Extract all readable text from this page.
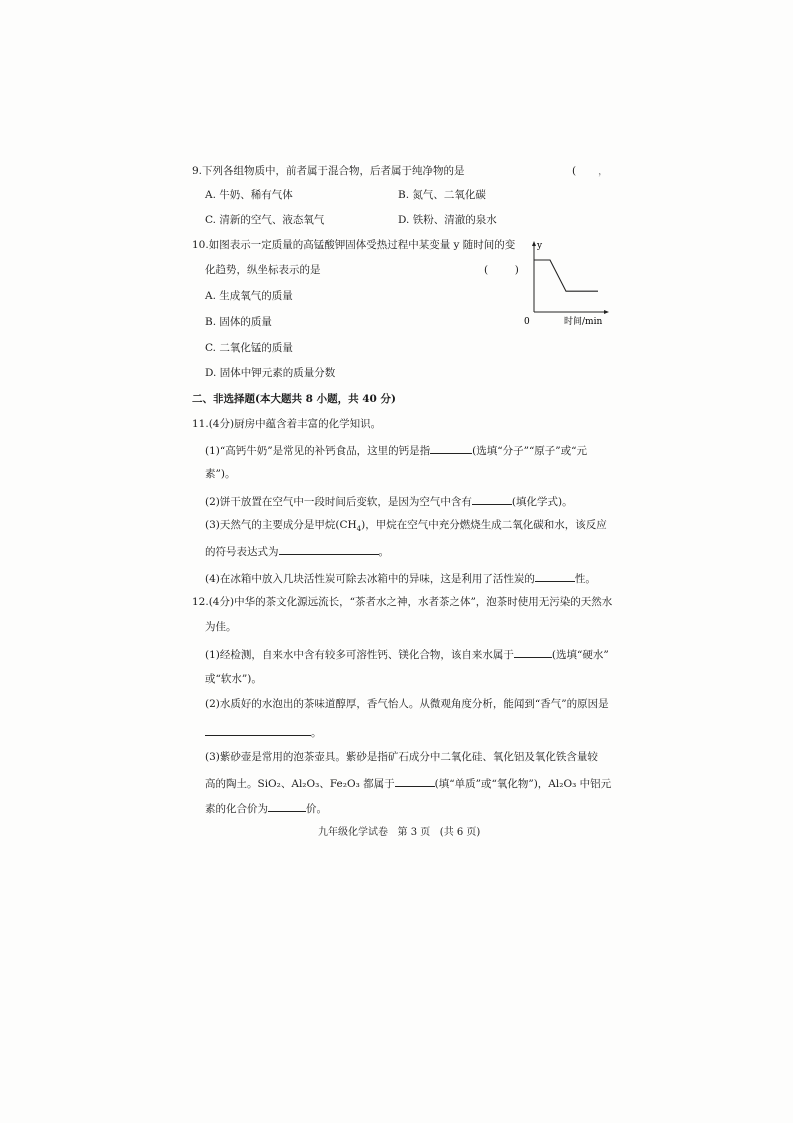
9.下列各组物质中，前者属于混合物，后者属于纯净物的是	( ，
A. 牛奶、稀有气体	B. 氮气、二氧化碳
C. 清新的空气、液态氧气	D. 铁粉、清澈的泉水
10.如图表示一定质量的高锰酸钾固体受热过程中某变量 y 随时间的变
化趋势，纵坐标表示的是	(        )
A. 生成氧气的质量
B. 固体的质量
C. 二氧化锰的质量
D. 固体中钾元素的质量分数
y
0	时间/min
二、非选择题(本大题共 8 小题，共 40 分)
11.(4分)厨房中蕴含着丰富的化学知识。
(1)“高钙牛奶”是常见的补钙食品，这里的钙是指	(选填“分子”“原子”或“元
素”)。
(2)饼干放置在空气中一段时间后变软，是因为空气中含有	(填化学式)。
(3)天然气的主要成分是甲烷$(CH_4)$，甲烷在空气中充分燃烧生成二氧化碳和水，该反应
的符号表达式为	。
(4)在冰箱中放入几块活性炭可除去冰箱中的异味，这是利用了活性炭的	性。
12.(4分)中华的茶文化源远流长，“茶者水之神，水者茶之体”，泡茶时使用无污染的天然水
为佳。
(1)经检测，自来水中含有较多可溶性钙、镁化合物，该自来水属于	(选填“硬水”
或“软水”)。
(2)水质好的水泡出的茶味道醇厚，香气怡人。从微观角度分析，能闻到“香气”的原因是
。
(3)紫砂壶是常用的泡茶壶具。紫砂是指矿石成分中二氧化硅、氧化铝及氧化铁含量较
高的陶土。SiO₂、Al₂O₃、Fe₂O₃ 都属于	(填“单质”或“氧化物”)，Al₂O₃ 中铝元
素的化合价为	价。
九年级化学试卷   第 3 页   (共 6 页)
